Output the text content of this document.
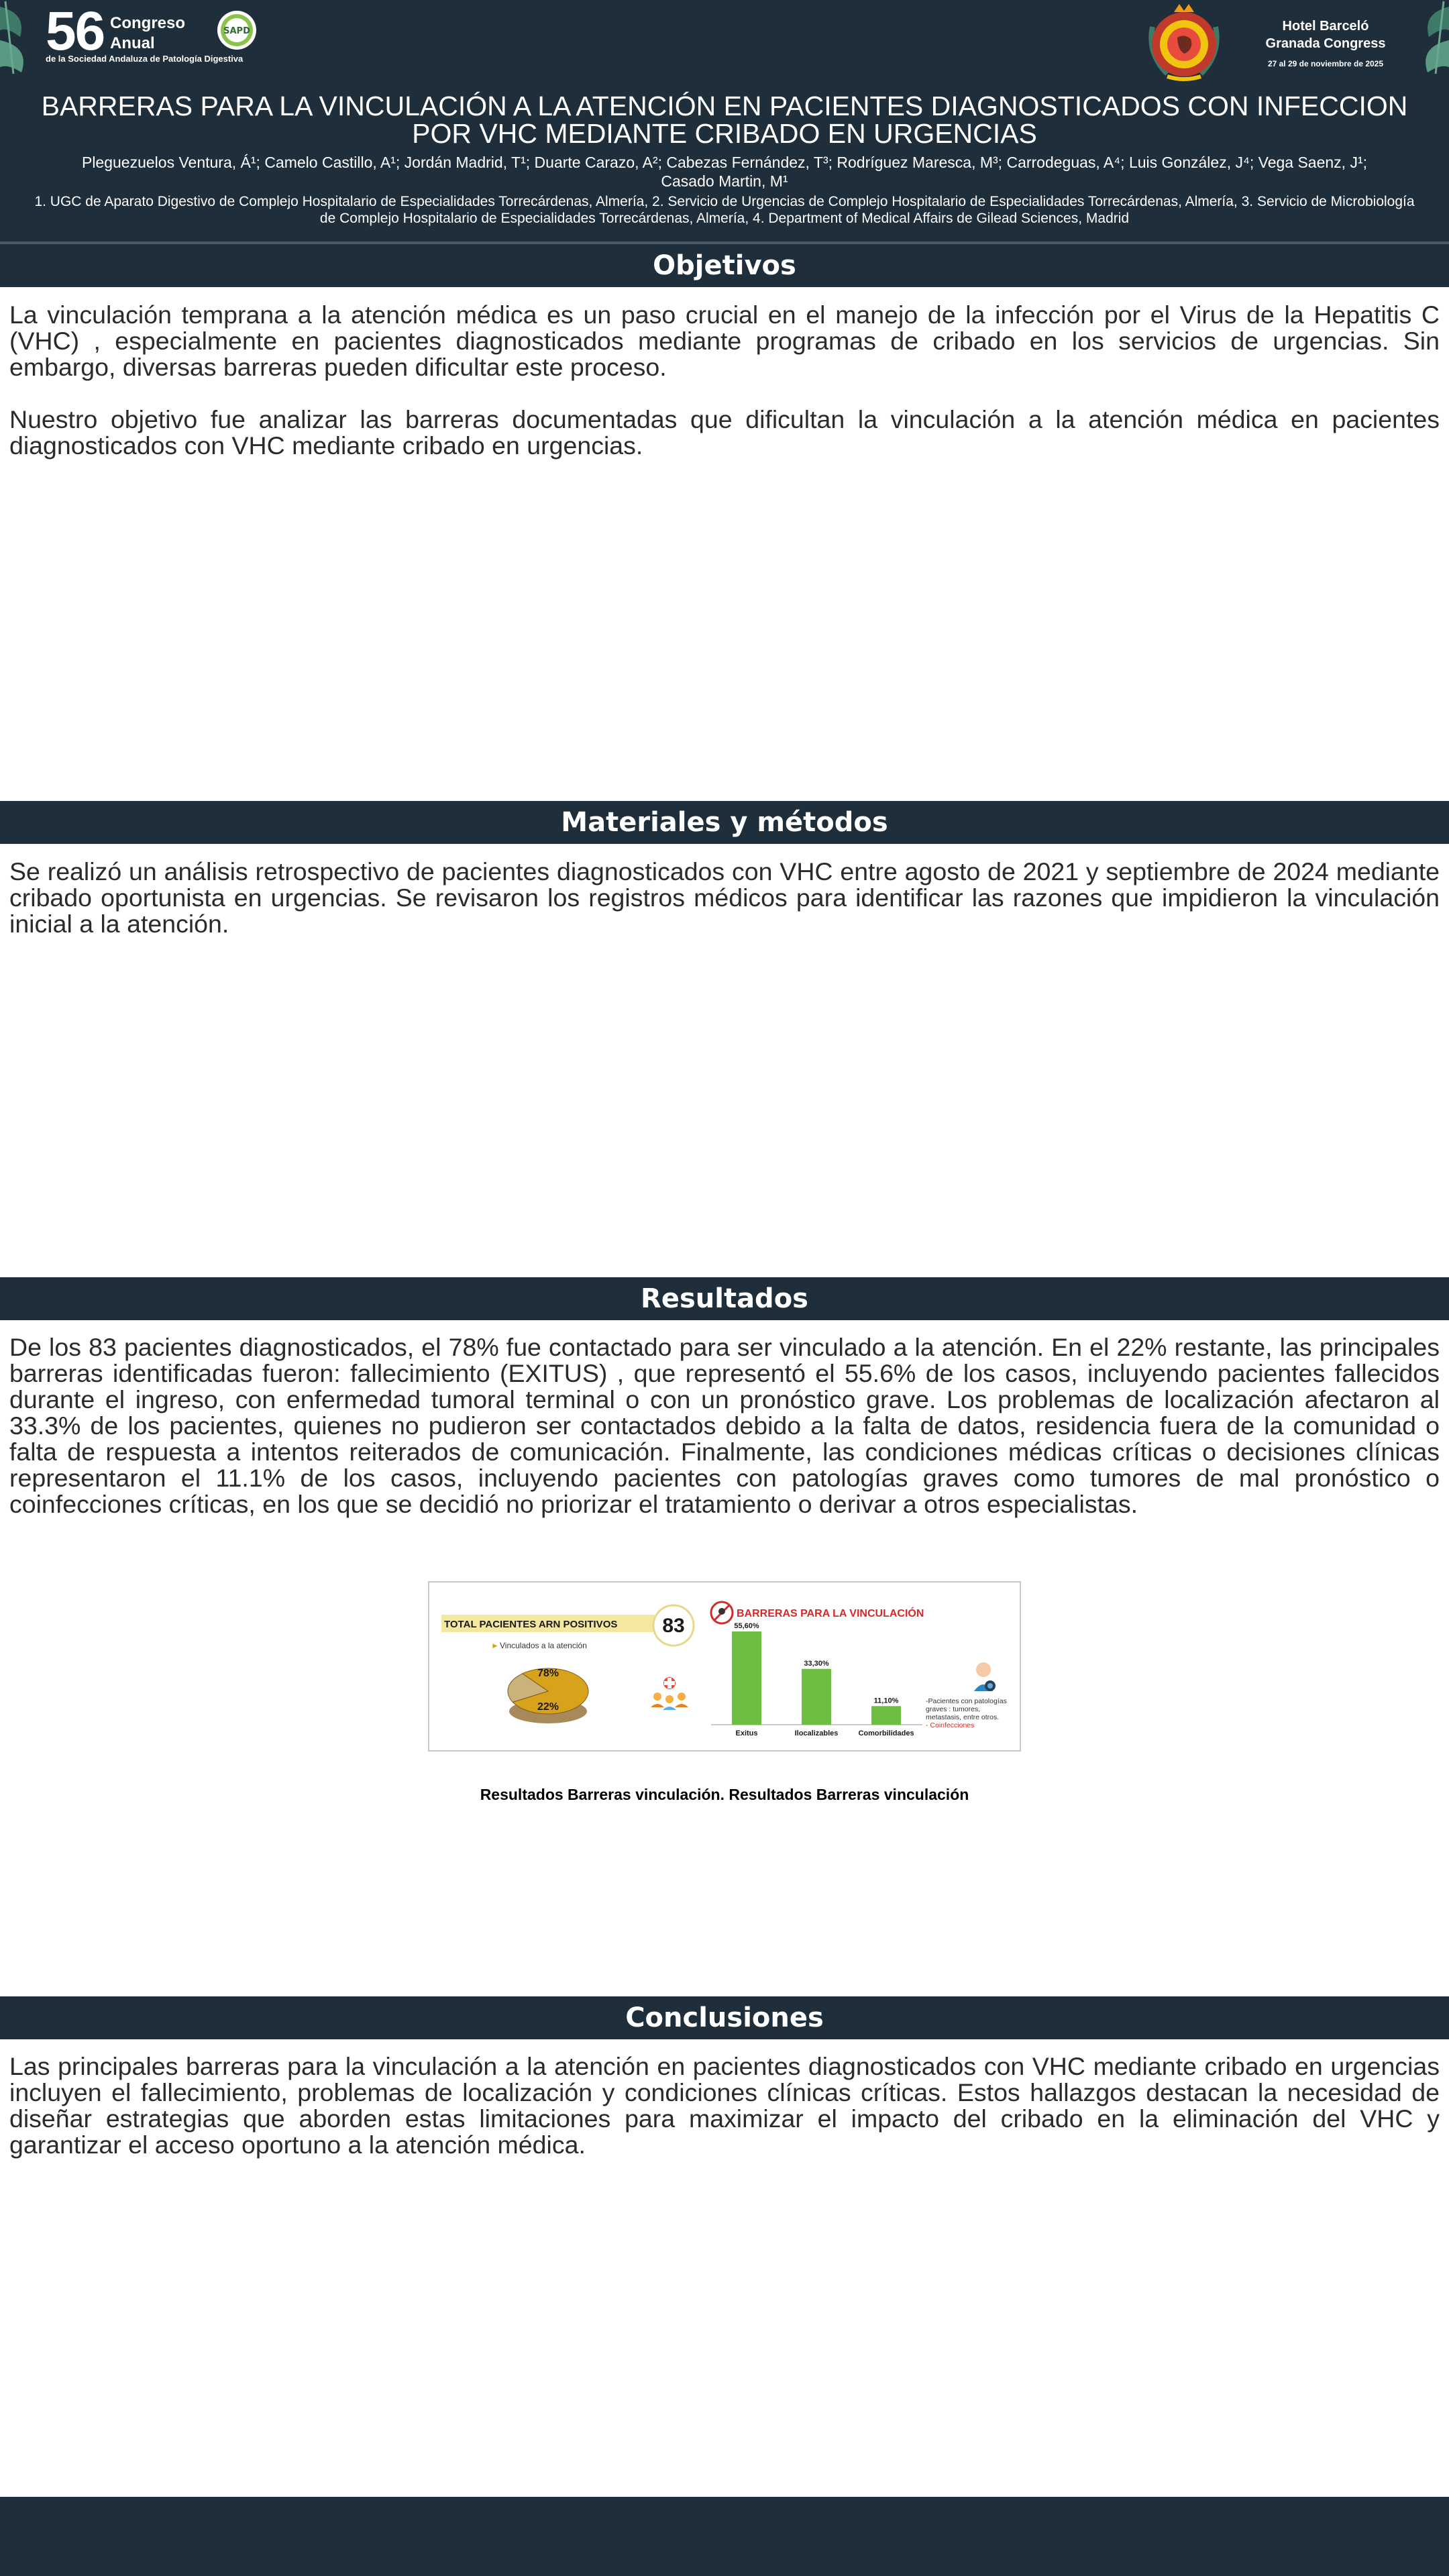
56 Congreso
Anual
de la Sociedad Andaluza de Patología Digestiva
SAPD	Hotel Barceló
Granada Congress
27 al 29 de noviembre de 2025
BARRERAS PARA LA VINCULACIÓN A LA ATENCIÓN EN PACIENTES DIAGNOSTICADOS CON INFECCION POR VHC MEDIANTE CRIBADO EN URGENCIAS
Pleguezuelos Ventura, Á¹; Camelo Castillo, A¹; Jordán Madrid, T¹; Duarte Carazo, A²; Cabezas Fernández, T³; Rodríguez Maresca, M³; Carrodeguas, A⁴; Luis González, J⁴; Vega Saenz, J¹;
Casado Martin, M¹
1. UGC de Aparato Digestivo de Complejo Hospitalario de Especialidades Torrecárdenas, Almería, 2. Servicio de Urgencias de Complejo Hospitalario de Especialidades Torrecárdenas, Almería, 3. Servicio de Microbiología de Complejo Hospitalario de Especialidades Torrecárdenas, Almería, 4. Department of Medical Affairs de Gilead Sciences, Madrid
Objetivos

La vinculación temprana a la atención médica es un paso crucial en el manejo de la infección por el Virus de la Hepatitis C (VHC) , especialmente en pacientes diagnosticados mediante programas de cribado en los servicios de urgencias. Sin embargo, diversas barreras pueden dificultar este proceso.

Nuestro objetivo fue analizar las barreras documentadas que dificultan la vinculación a la atención médica en pacientes diagnosticados con VHC mediante cribado en urgencias.

Materiales y métodos

Se realizó un análisis retrospectivo de pacientes diagnosticados con VHC entre agosto de 2021 y septiembre de 2024 mediante cribado oportunista en urgencias. Se revisaron los registros médicos para identificar las razones que impidieron la vinculación inicial a la atención.

Resultados

De los 83 pacientes diagnosticados, el 78% fue contactado para ser vinculado a la atención. En el 22% restante, las principales barreras identificadas fueron: fallecimiento (EXITUS) , que representó el 55.6% de los casos, incluyendo pacientes fallecidos durante el ingreso, con enfermedad tumoral terminal o con un pronóstico grave. Los problemas de localización afectaron al 33.3% de los pacientes, quienes no pudieron ser contactados debido a la falta de datos, residencia fuera de la comunidad o falta de respuesta a intentos reiterados de comunicación. Finalmente, las condiciones médicas críticas o decisiones clínicas representaron el 11.1% de los casos, incluyendo pacientes con patologías graves como tumores de mal pronóstico o coinfecciones críticas, en los que se decidió no priorizar el tratamiento o derivar a otros especialistas.

TOTAL PACIENTES ARN POSITIVOS 83
► Vinculados a la atención
78%
22%
BARRERAS PARA LA VINCULACIÓN
55,60%
Exitus
33,30%
Ilocalizables
11,10%
Comorbilidades
-Pacientes con patologías
graves : tumores,
metastasis, entre otros.
- Coinfecciones
Resultados Barreras vinculación. Resultados Barreras vinculación
Conclusiones

Las principales barreras para la vinculación a la atención en pacientes diagnosticados con VHC mediante cribado en urgencias incluyen el fallecimiento, problemas de localización y condiciones clínicas críticas. Estos hallazgos destacan la necesidad de diseñar estrategias que aborden estas limitaciones para maximizar el impacto del cribado en la eliminación del VHC y garantizar el acceso oportuno a la atención médica.
